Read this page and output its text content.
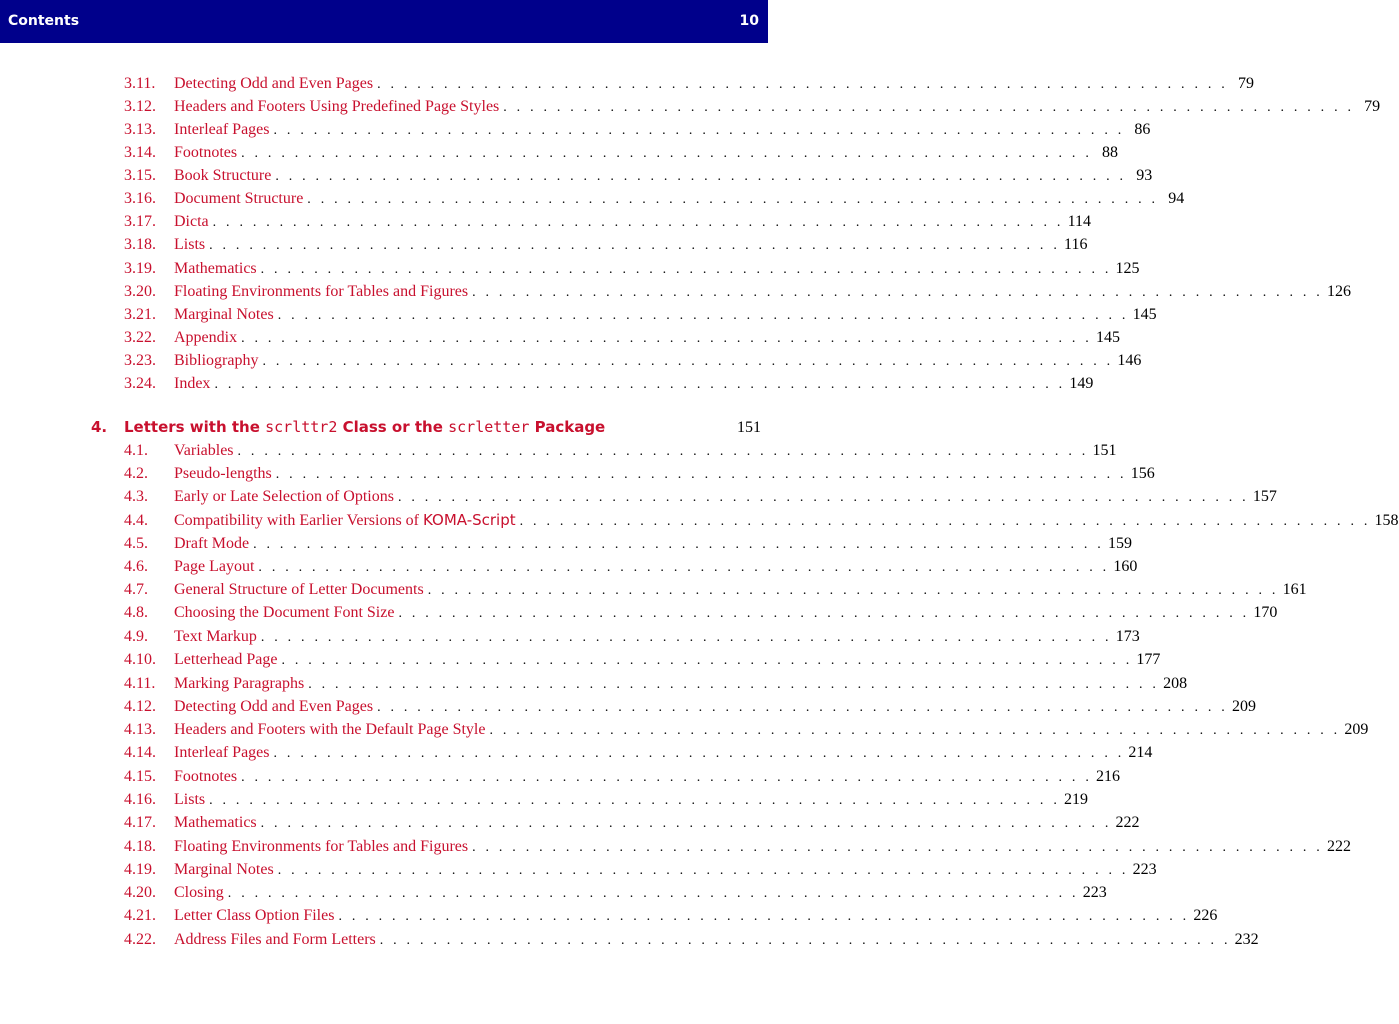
Contents	10
3.11.	Detecting Odd and Even Pages . . . . . . . . . . . . . . . . . . . . . . . . . . . . . . . . . . . . . . . . . . . . . . . . . . . . . . . . . . . . . . . . 79
3.12.	Headers and Footers Using Predefined Page Styles . . . . . . . . . . . . . . . . . . . . . . . . . . . . . . . . . . . . . . . . . . . . . . . . . . . . . . . . . . . . . . . . 79
3.13.	Interleaf Pages . . . . . . . . . . . . . . . . . . . . . . . . . . . . . . . . . . . . . . . . . . . . . . . . . . . . . . . . . . . . . . . . 86
3.14.	Footnotes . . . . . . . . . . . . . . . . . . . . . . . . . . . . . . . . . . . . . . . . . . . . . . . . . . . . . . . . . . . . . . . . 88
3.15.	Book Structure . . . . . . . . . . . . . . . . . . . . . . . . . . . . . . . . . . . . . . . . . . . . . . . . . . . . . . . . . . . . . . . . 93
3.16.	Document Structure . . . . . . . . . . . . . . . . . . . . . . . . . . . . . . . . . . . . . . . . . . . . . . . . . . . . . . . . . . . . . . . . 94
3.17.	Dicta . . . . . . . . . . . . . . . . . . . . . . . . . . . . . . . . . . . . . . . . . . . . . . . . . . . . . . . . . . . . . . . . 114
3.18.	Lists . . . . . . . . . . . . . . . . . . . . . . . . . . . . . . . . . . . . . . . . . . . . . . . . . . . . . . . . . . . . . . . . 116
3.19.	Mathematics . . . . . . . . . . . . . . . . . . . . . . . . . . . . . . . . . . . . . . . . . . . . . . . . . . . . . . . . . . . . . . . . 125
3.20.	Floating Environments for Tables and Figures . . . . . . . . . . . . . . . . . . . . . . . . . . . . . . . . . . . . . . . . . . . . . . . . . . . . . . . . . . . . . . . . 126
3.21.	Marginal Notes . . . . . . . . . . . . . . . . . . . . . . . . . . . . . . . . . . . . . . . . . . . . . . . . . . . . . . . . . . . . . . . . 145
3.22.	Appendix . . . . . . . . . . . . . . . . . . . . . . . . . . . . . . . . . . . . . . . . . . . . . . . . . . . . . . . . . . . . . . . . 145
3.23.	Bibliography . . . . . . . . . . . . . . . . . . . . . . . . . . . . . . . . . . . . . . . . . . . . . . . . . . . . . . . . . . . . . . . . 146
3.24.	Index . . . . . . . . . . . . . . . . . . . . . . . . . . . . . . . . . . . . . . . . . . . . . . . . . . . . . . . . . . . . . . . . 149
4.	Letters with the scrlttr2 Class or the scrletter Package	151
4.1.	Variables . . . . . . . . . . . . . . . . . . . . . . . . . . . . . . . . . . . . . . . . . . . . . . . . . . . . . . . . . . . . . . . . 151
4.2.	Pseudo-lengths . . . . . . . . . . . . . . . . . . . . . . . . . . . . . . . . . . . . . . . . . . . . . . . . . . . . . . . . . . . . . . . . 156
4.3.	Early or Late Selection of Options . . . . . . . . . . . . . . . . . . . . . . . . . . . . . . . . . . . . . . . . . . . . . . . . . . . . . . . . . . . . . . . . 157
4.4.	Compatibility with Earlier Versions of KOMA-Script . . . . . . . . . . . . . . . . . . . . . . . . . . . . . . . . . . . . . . . . . . . . . . . . . . . . . . . . . . . . . . . . 158
4.5.	Draft Mode . . . . . . . . . . . . . . . . . . . . . . . . . . . . . . . . . . . . . . . . . . . . . . . . . . . . . . . . . . . . . . . . 159
4.6.	Page Layout . . . . . . . . . . . . . . . . . . . . . . . . . . . . . . . . . . . . . . . . . . . . . . . . . . . . . . . . . . . . . . . . 160
4.7.	General Structure of Letter Documents . . . . . . . . . . . . . . . . . . . . . . . . . . . . . . . . . . . . . . . . . . . . . . . . . . . . . . . . . . . . . . . . 161
4.8.	Choosing the Document Font Size . . . . . . . . . . . . . . . . . . . . . . . . . . . . . . . . . . . . . . . . . . . . . . . . . . . . . . . . . . . . . . . . 170
4.9.	Text Markup . . . . . . . . . . . . . . . . . . . . . . . . . . . . . . . . . . . . . . . . . . . . . . . . . . . . . . . . . . . . . . . . 173
4.10.	Letterhead Page . . . . . . . . . . . . . . . . . . . . . . . . . . . . . . . . . . . . . . . . . . . . . . . . . . . . . . . . . . . . . . . . 177
4.11.	Marking Paragraphs . . . . . . . . . . . . . . . . . . . . . . . . . . . . . . . . . . . . . . . . . . . . . . . . . . . . . . . . . . . . . . . . 208
4.12.	Detecting Odd and Even Pages . . . . . . . . . . . . . . . . . . . . . . . . . . . . . . . . . . . . . . . . . . . . . . . . . . . . . . . . . . . . . . . . 209
4.13.	Headers and Footers with the Default Page Style . . . . . . . . . . . . . . . . . . . . . . . . . . . . . . . . . . . . . . . . . . . . . . . . . . . . . . . . . . . . . . . . 209
4.14.	Interleaf Pages . . . . . . . . . . . . . . . . . . . . . . . . . . . . . . . . . . . . . . . . . . . . . . . . . . . . . . . . . . . . . . . . 214
4.15.	Footnotes . . . . . . . . . . . . . . . . . . . . . . . . . . . . . . . . . . . . . . . . . . . . . . . . . . . . . . . . . . . . . . . . 216
4.16.	Lists . . . . . . . . . . . . . . . . . . . . . . . . . . . . . . . . . . . . . . . . . . . . . . . . . . . . . . . . . . . . . . . . 219
4.17.	Mathematics . . . . . . . . . . . . . . . . . . . . . . . . . . . . . . . . . . . . . . . . . . . . . . . . . . . . . . . . . . . . . . . . 222
4.18.	Floating Environments for Tables and Figures . . . . . . . . . . . . . . . . . . . . . . . . . . . . . . . . . . . . . . . . . . . . . . . . . . . . . . . . . . . . . . . . 222
4.19.	Marginal Notes . . . . . . . . . . . . . . . . . . . . . . . . . . . . . . . . . . . . . . . . . . . . . . . . . . . . . . . . . . . . . . . . 223
4.20.	Closing . . . . . . . . . . . . . . . . . . . . . . . . . . . . . . . . . . . . . . . . . . . . . . . . . . . . . . . . . . . . . . . . 223
4.21.	Letter Class Option Files . . . . . . . . . . . . . . . . . . . . . . . . . . . . . . . . . . . . . . . . . . . . . . . . . . . . . . . . . . . . . . . . 226
4.22.	Address Files and Form Letters . . . . . . . . . . . . . . . . . . . . . . . . . . . . . . . . . . . . . . . . . . . . . . . . . . . . . . . . . . . . . . . . 232
